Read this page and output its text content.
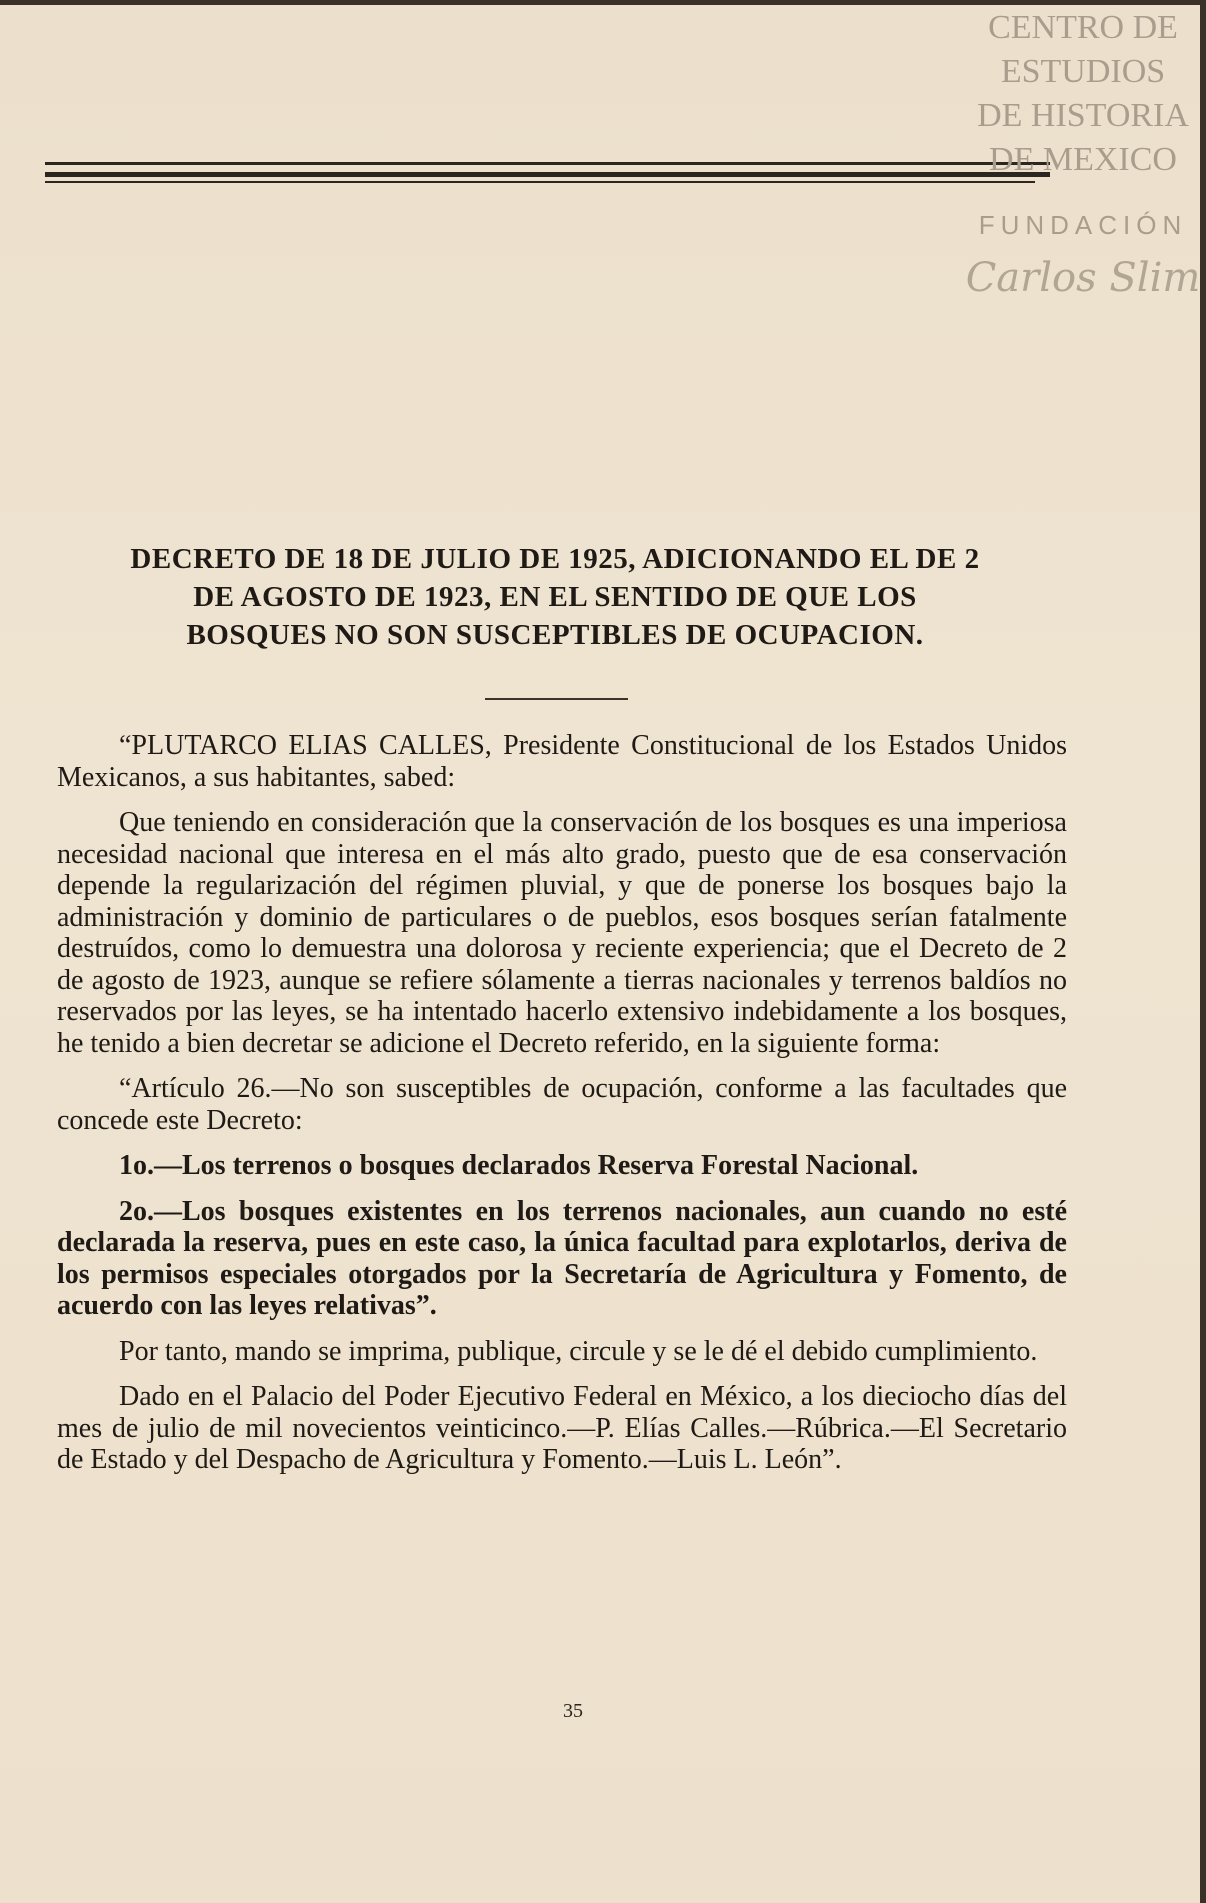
CENTRO DE
ESTUDIOS
DE HISTORIA
DE MEXICO
FUNDACIÓN
Carlos Slim
DECRETO DE 18 DE JULIO DE 1925, ADICIONANDO EL DE 2
DE AGOSTO DE 1923, EN EL SENTIDO DE QUE LOS
BOSQUES NO SON SUSCEPTIBLES DE OCUPACION.

“PLUTARCO ELIAS CALLES, Presidente Constitucional de los Estados Unidos Mexicanos, a sus habitantes, sabed:

Que teniendo en consideración que la conservación de los bosques es una imperiosa necesidad nacional que interesa en el más alto grado, puesto que de esa conservación depende la regularización del régimen pluvial, y que de ponerse los bosques bajo la administración y dominio de particulares o de pueblos, esos bosques serían fatalmente destruídos, como lo demuestra una dolorosa y reciente experiencia; que el Decreto de 2 de agosto de 1923, aunque se refiere sólamente a tierras nacionales y terrenos baldíos no reservados por las leyes, se ha intentado hacerlo extensivo indebidamente a los bosques, he tenido a bien decretar se adicione el Decreto referido, en la siguiente forma:

“Artículo 26.—No son susceptibles de ocupación, conforme a las facultades que concede este Decreto:

1o.—Los terrenos o bosques declarados Reserva Forestal Nacional.

2o.—Los bosques existentes en los terrenos nacionales, aun cuando no esté declarada la reserva, pues en este caso, la única facultad para explotarlos, deriva de los permisos especiales otorgados por la Secretaría de Agricultura y Fomento, de acuerdo con las leyes relativas”.

Por tanto, mando se imprima, publique, circule y se le dé el debido cumplimiento.

Dado en el Palacio del Poder Ejecutivo Federal en México, a los dieciocho días del mes de julio de mil novecientos veinticinco.—P. Elías Calles.—Rúbrica.—El Secretario de Estado y del Despacho de Agricultura y Fomento.—Luis L. León”.

35
